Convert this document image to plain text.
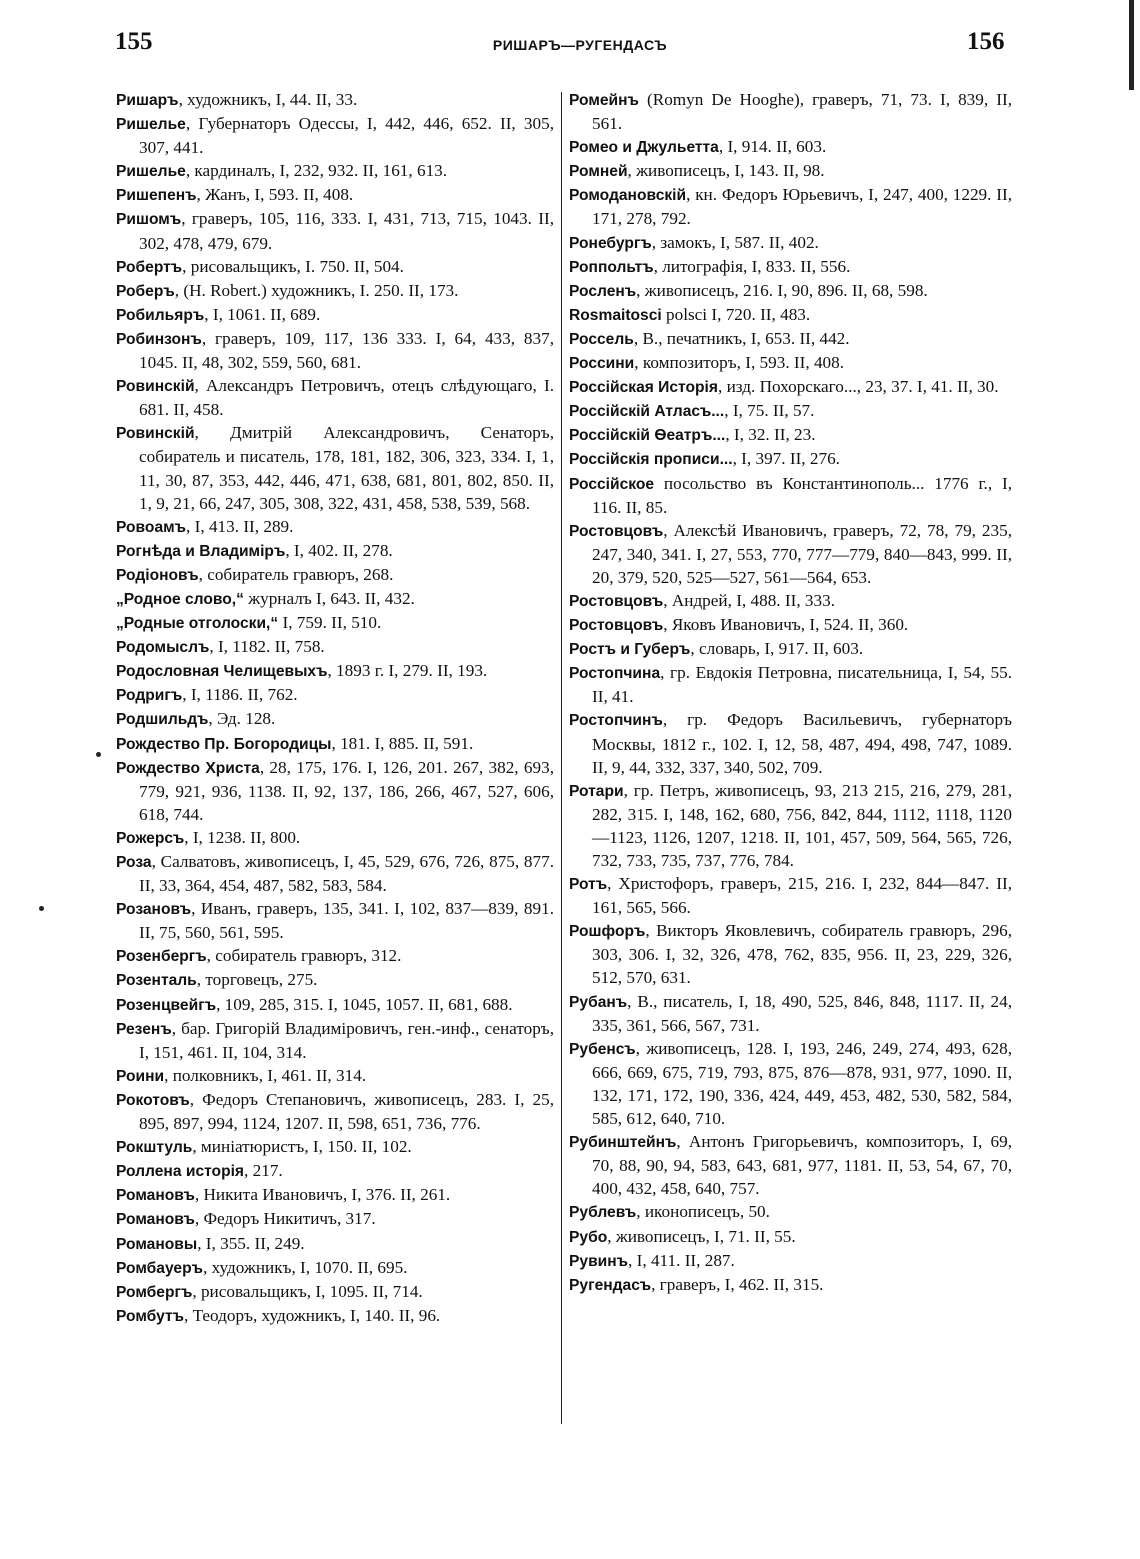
155	РИШАРЪ—РУГЕНДАСЪ	156
Ришаръ, художникъ, I, 44. II, 33.
Ришелье, Губернаторъ Одессы, I, 442, 446, 652. II, 305, 307, 441.
Ришелье, кардиналъ, I, 232, 932. II, 161, 613.
Ришепенъ, Жанъ, I, 593. II, 408.
Ришомъ, граверъ, 105, 116, 333. I, 431, 713, 715, 1043. II, 302, 478, 479, 679.
Робертъ, рисовальщикъ, I. 750. II, 504.
Роберъ, (H. Robert.) художникъ, I. 250. II, 173.
Робильяръ, I, 1061. II, 689.
Робинзонъ, граверъ, 109, 117, 136 333. I, 64, 433, 837, 1045. II, 48, 302, 559, 560, 681.
Ровинскій, Александръ Петровичъ, отецъ слѣдующаго, I. 681. II, 458.
Ровинскій, Дмитрій Александровичъ, Сенаторъ, собиратель и писатель, 178, 181, 182, 306, 323, 334. I, 1, 11, 30, 87, 353, 442, 446, 471, 638, 681, 801, 802, 850. II, 1, 9, 21, 66, 247, 305, 308, 322, 431, 458, 538, 539, 568.
Ровоамъ, I, 413. II, 289.
Рогнѣда и Владиміръ, I, 402. II, 278.
Родіоновъ, собиратель гравюръ, 268.
„Родное слово,“ журналъ I, 643. II, 432.
„Родные отголоски,“ I, 759. II, 510.
Родомыслъ, I, 1182. II, 758.
Родословная Челищевыхъ, 1893 г. I, 279. II, 193.
Родригъ, I, 1186. II, 762.
Родшильдъ, Эд. 128.
Рождество Пр. Богородицы, 181. I, 885. II, 591.
Рождество Христа, 28, 175, 176. I, 126, 201. 267, 382, 693, 779, 921, 936, 1138. II, 92, 137, 186, 266, 467, 527, 606, 618, 744.
Рожерсъ, I, 1238. II, 800.
Роза, Салватовъ, живописецъ, I, 45, 529, 676, 726, 875, 877. II, 33, 364, 454, 487, 582, 583, 584.
Розановъ, Иванъ, граверъ, 135, 341. I, 102, 837—839, 891. II, 75, 560, 561, 595.
Розенбергъ, собиратель гравюръ, 312.
Розенталь, торговецъ, 275.
Розенцвейгъ, 109, 285, 315. I, 1045, 1057. II, 681, 688.
Резенъ, бар. Григорій Владиміровичъ, ген.-инф., сенаторъ, I, 151, 461. II, 104, 314.
Роини, полковникъ, I, 461. II, 314.
Рокотовъ, Федоръ Степановичъ, живописецъ, 283. I, 25, 895, 897, 994, 1124, 1207. II, 598, 651, 736, 776.
Рокштуль, миніатюристъ, I, 150. II, 102.
Роллена исторія, 217.
Романовъ, Никита Ивановичъ, I, 376. II, 261.
Романовъ, Федоръ Никитичъ, 317.
Романовы, I, 355. II, 249.
Ромбауеръ, художникъ, I, 1070. II, 695.
Ромбергъ, рисовальщикъ, I, 1095. II, 714.
Ромбутъ, Теодоръ, художникъ, I, 140. II, 96.
Ромейнъ (Romyn De Hooghe), граверъ, 71, 73. I, 839, II, 561.
Ромео и Джульетта, I, 914. II, 603.
Ромней, живописецъ, I, 143. II, 98.
Ромодановскій, кн. Федоръ Юрьевичъ, I, 247, 400, 1229. II, 171, 278, 792.
Ронебургъ, замокъ, I, 587. II, 402.
Роппольтъ, литографія, I, 833. II, 556.
Росленъ, живописецъ, 216. I, 90, 896. II, 68, 598.
Rosmaitosci polsci I, 720. II, 483.
Россель, B., печатникъ, I, 653. II, 442.
Россини, композиторъ, I, 593. II, 408.
Россійская Исторія, изд. Похорскаго..., 23, 37. I, 41. II, 30.
Россійскій Атласъ..., I, 75. II, 57.
Россійскій Ѳеатръ..., I, 32. II, 23.
Россійскія прописи..., I, 397. II, 276.
Россійское посольство въ Константинополь... 1776 г., I, 116. II, 85.
Ростовцовъ, Алексѣй Ивановичъ, граверъ, 72, 78, 79, 235, 247, 340, 341. I, 27, 553, 770, 777—779, 840—843, 999. II, 20, 379, 520, 525—527, 561—564, 653.
Ростовцовъ, Андрей, I, 488. II, 333.
Ростовцовъ, Яковъ Ивановичъ, I, 524. II, 360.
Ростъ и Губеръ, словарь, I, 917. II, 603.
Ростопчина, гр. Евдокія Петровна, писательница, I, 54, 55. II, 41.
Ростопчинъ, гр. Федоръ Васильевичъ, губернаторъ Москвы, 1812 г., 102. I, 12, 58, 487, 494, 498, 747, 1089. II, 9, 44, 332, 337, 340, 502, 709.
Ротари, гр. Петръ, живописецъ, 93, 213 215, 216, 279, 281, 282, 315. I, 148, 162, 680, 756, 842, 844, 1112, 1118, 1120—1123, 1126, 1207, 1218. II, 101, 457, 509, 564, 565, 726, 732, 733, 735, 737, 776, 784.
Ротъ, Христофоръ, граверъ, 215, 216. I, 232, 844—847. II, 161, 565, 566.
Рошфоръ, Викторъ Яковлевичъ, собиратель гравюръ, 296, 303, 306. I, 32, 326, 478, 762, 835, 956. II, 23, 229, 326, 512, 570, 631.
Рубанъ, B., писатель, I, 18, 490, 525, 846, 848, 1117. II, 24, 335, 361, 566, 567, 731.
Рубенсъ, живописецъ, 128. I, 193, 246, 249, 274, 493, 628, 666, 669, 675, 719, 793, 875, 876—878, 931, 977, 1090. II, 132, 171, 172, 190, 336, 424, 449, 453, 482, 530, 582, 584, 585, 612, 640, 710.
Рубинштейнъ, Антонъ Григорьевичъ, композиторъ, I, 69, 70, 88, 90, 94, 583, 643, 681, 977, 1181. II, 53, 54, 67, 70, 400, 432, 458, 640, 757.
Рублевъ, иконописецъ, 50.
Рубо, живописецъ, I, 71. II, 55.
Рувинъ, I, 411. II, 287.
Ругендасъ, граверъ, I, 462. II, 315.
